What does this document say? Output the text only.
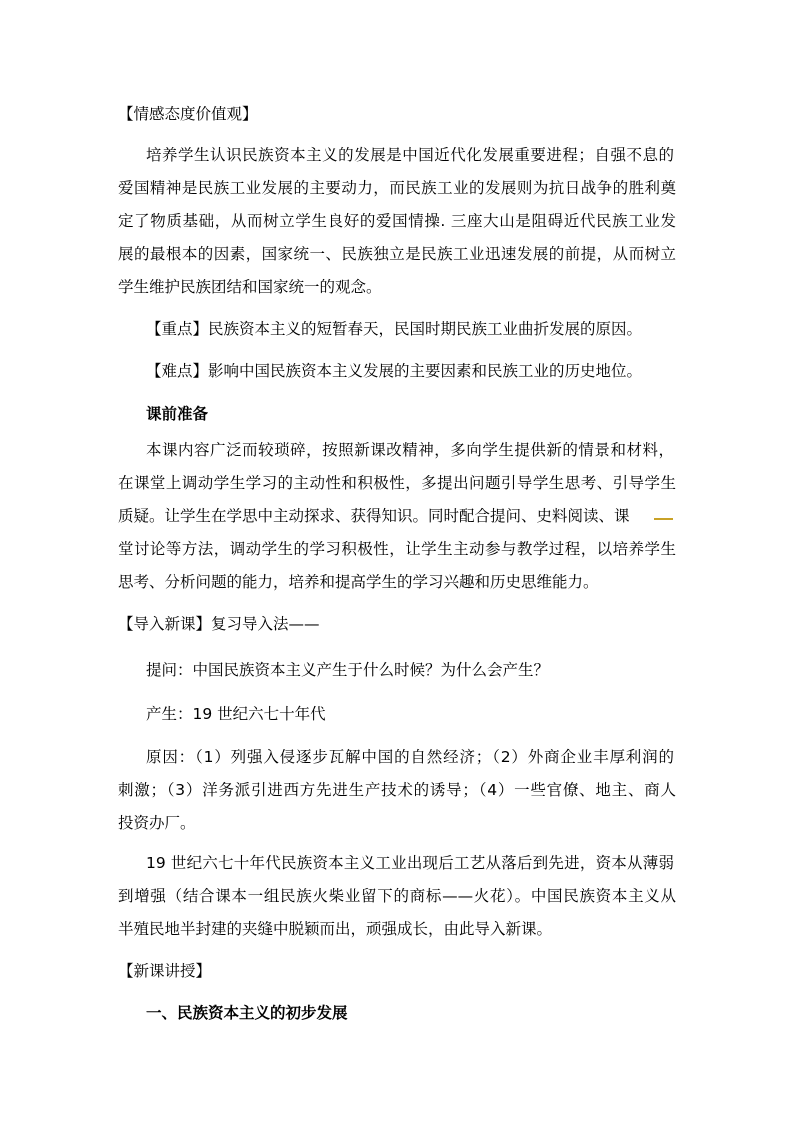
【情感态度价值观】
培养学生认识民族资本主义的发展是中国近代化发展重要进程；自强不息的
爱国精神是民族工业发展的主要动力，而民族工业的发展则为抗日战争的胜利奠
定了物质基础，从而树立学生良好的爱国情操. 三座大山是阻碍近代民族工业发
展的最根本的因素，国家统一、民族独立是民族工业迅速发展的前提，从而树立
学生维护民族团结和国家统一的观念。
【重点】民族资本主义的短暂春天，民国时期民族工业曲折发展的原因。
【难点】影响中国民族资本主义发展的主要因素和民族工业的历史地位。
课前准备
本课内容广泛而较琐碎，按照新课改精神，多向学生提供新的情景和材料，
在课堂上调动学生学习的主动性和积极性，多提出问题引导学生思考、引导学生
质疑。让学生在学思中主动探求、获得知识。同时配合提问、史料阅读、课
堂讨论等方法，调动学生的学习积极性，让学生主动参与教学过程，以培养学生
思考、分析问题的能力，培养和提高学生的学习兴趣和历史思维能力。
【导入新课】复习导入法——
提问：中国民族资本主义产生于什么时候？为什么会产生？
产生：19 世纪六七十年代
原因：（1）列强入侵逐步瓦解中国的自然经济；（2）外商企业丰厚利润的
刺激；（3）洋务派引进西方先进生产技术的诱导；（4）一些官僚、地主、商人
投资办厂。
19 世纪六七十年代民族资本主义工业出现后工艺从落后到先进，资本从薄弱
到增强（结合课本一组民族火柴业留下的商标——火花）。中国民族资本主义从
半殖民地半封建的夹缝中脱颖而出，顽强成长，由此导入新课。
【新课讲授】
一、民族资本主义的初步发展
